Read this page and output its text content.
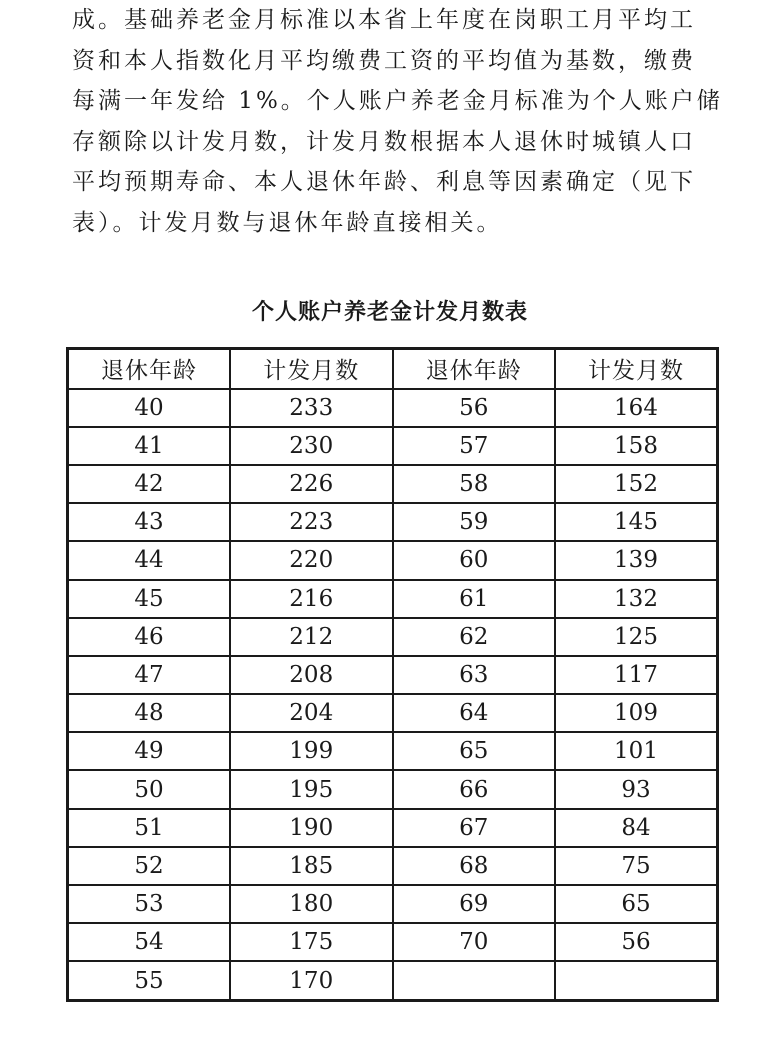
成。基础养老金月标准以本省上年度在岗职工月平均工
资和本人指数化月平均缴费工资的平均值为基数，缴费
每满一年发给 1%。个人账户养老金月标准为个人账户储
存额除以计发月数，计发月数根据本人退休时城镇人口
平均预期寿命、本人退休年龄、利息等因素确定（见下
表）。计发月数与退休年龄直接相关。
个人账户养老金计发月数表
退休年龄	计发月数	退休年龄	计发月数
40	233	56	164
41	230	57	158
42	226	58	152
43	223	59	145
44	220	60	139
45	216	61	132
46	212	62	125
47	208	63	117
48	204	64	109
49	199	65	101
50	195	66	93
51	190	67	84
52	185	68	75
53	180	69	65
54	175	70	56
55	170		
